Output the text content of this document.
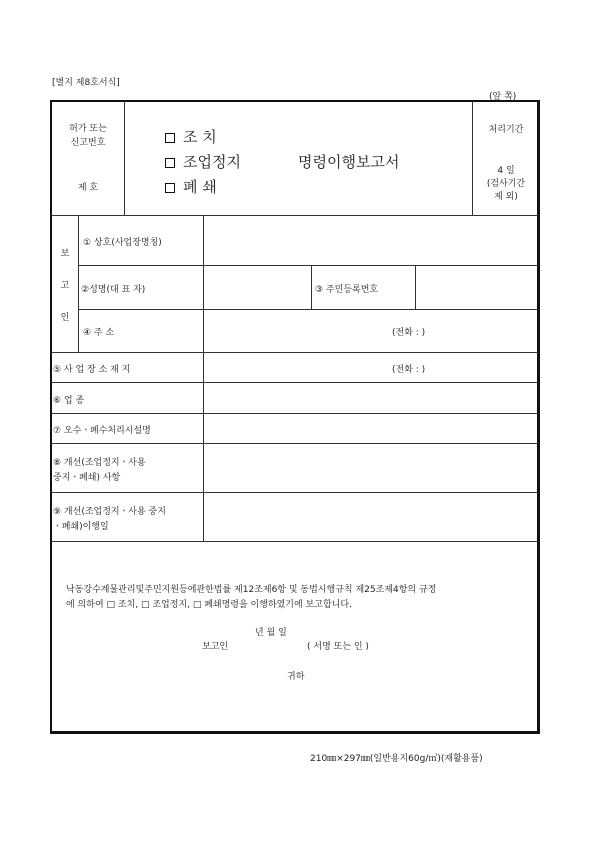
[별지 제8호서식]
(앞 쪽)
허가 또는
신고번호
제 호
조 치
조업정지
폐 쇄
명령이행보고서
처리기간
4 일
(검사기간
제 외)
보
고
인
① 상호(사업장명칭)
②성명(대 표 자)	③ 주민등록번호
④ 주 소	(전화 : )
⑤ 사 업 장 소 재 지	(전화 : )
⑥ 업 종
⑦ 오수ㆍ폐수처리시설명
⑧ 개선(조업정지ㆍ사용
중지ㆍ폐쇄) 사항
⑨ 개선(조업정지ㆍ사용 중지
ㆍ폐쇄)이행일
낙동강수계물관리및주민지원등에관한법률 제12조제6항 및 동법시행규칙 제25조제4항의 규정
에 의하여 □ 조치, □ 조업정지, □ 폐쇄명령을 이행하였기에 보고합니다.
년 월 일
보고인	( 서명 또는 인 )
귀하
210㎜×297㎜(일반용지60g/㎡)(재활용품)
